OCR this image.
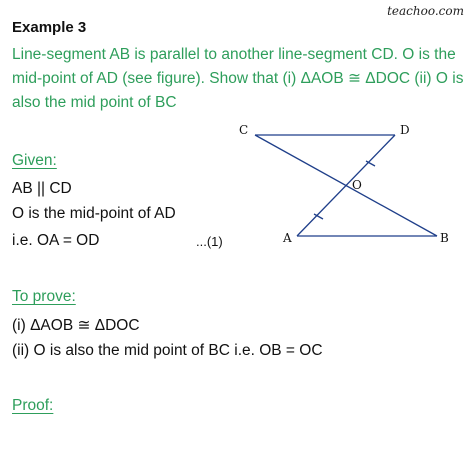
teachoo.com
Example 3
Line-segment AB is parallel to another line-segment CD. O is the mid-point of AD (see figure). Show that (i) ΔAOB ≅ ΔDOC (ii) O is also the mid point of BC
Given:
AB || CD
O is the mid-point of AD
i.e. OA = OD	...(1)
To prove:
(i) ΔAOB ≅ ΔDOC
(ii) O is also the mid point of BC i.e. OB = OC
Proof:
C	D
O
A	B
